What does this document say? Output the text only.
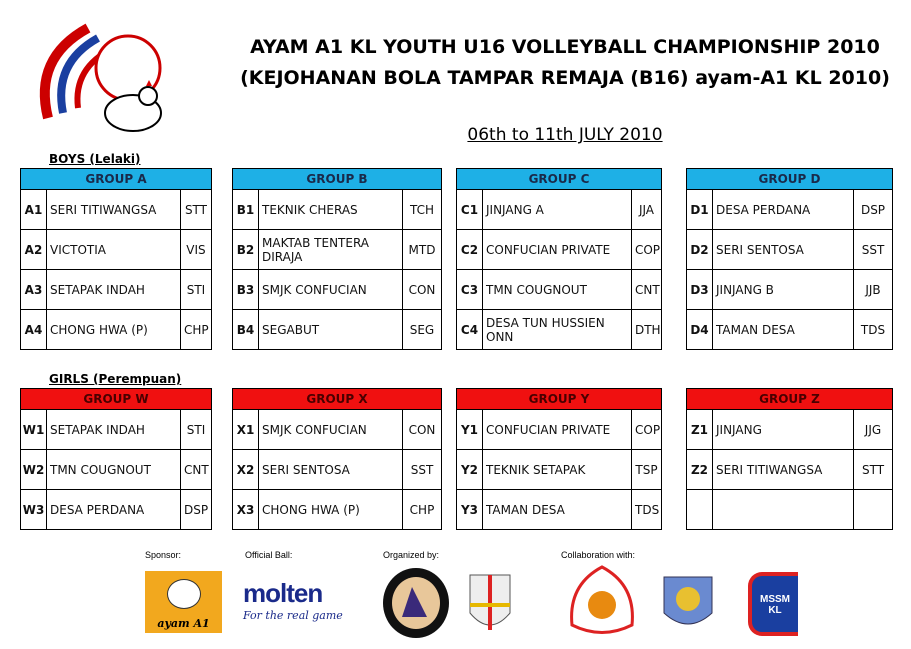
AYAM A1 KL YOUTH U16 VOLLEYBALL CHAMPIONSHIP 2010
(KEJOHANAN BOLA TAMPAR REMAJA (B16) ayam-A1 KL 2010)
06th to 11th JULY 2010
BOYS (Lelaki)
GIRLS (Perempuan)
GROUP A		
A1	SERI TITIWANGSA	STT
A2	VICTOTIA	VIS
A3	SETAPAK INDAH	STI
A4	CHONG HWA (P)	CHP
GROUP B		
B1	TEKNIK CHERAS	TCH
B2	MAKTAB TENTERA DIRAJA	MTD
B3	SMJK CONFUCIAN	CON
B4	SEGABUT	SEG
GROUP C		
C1	JINJANG A	JJA
C2	CONFUCIAN PRIVATE	COP
C3	TMN COUGNOUT	CNT
C4	DESA TUN HUSSIEN ONN	DTH
GROUP D		
D1	DESA PERDANA	DSP
D2	SERI SENTOSA	SST
D3	JINJANG B	JJB
D4	TAMAN DESA	TDS
GROUP W		
W1	SETAPAK INDAH	STI
W2	TMN COUGNOUT	CNT
W3	DESA PERDANA	DSP
GROUP X		
X1	SMJK CONFUCIAN	CON
X2	SERI SENTOSA	SST
X3	CHONG HWA (P)	CHP
GROUP Y		
Y1	CONFUCIAN PRIVATE	COP
Y2	TEKNIK SETAPAK	TSP
Y3	TAMAN DESA	TDS
GROUP Z		
Z1	JINJANG	JJG
Z2	SERI TITIWANGSA	STT

Sponsor:	Official Ball:	Organized by:	Collaboration with:
ayam A1
molten
For the real game
MSSM KL
